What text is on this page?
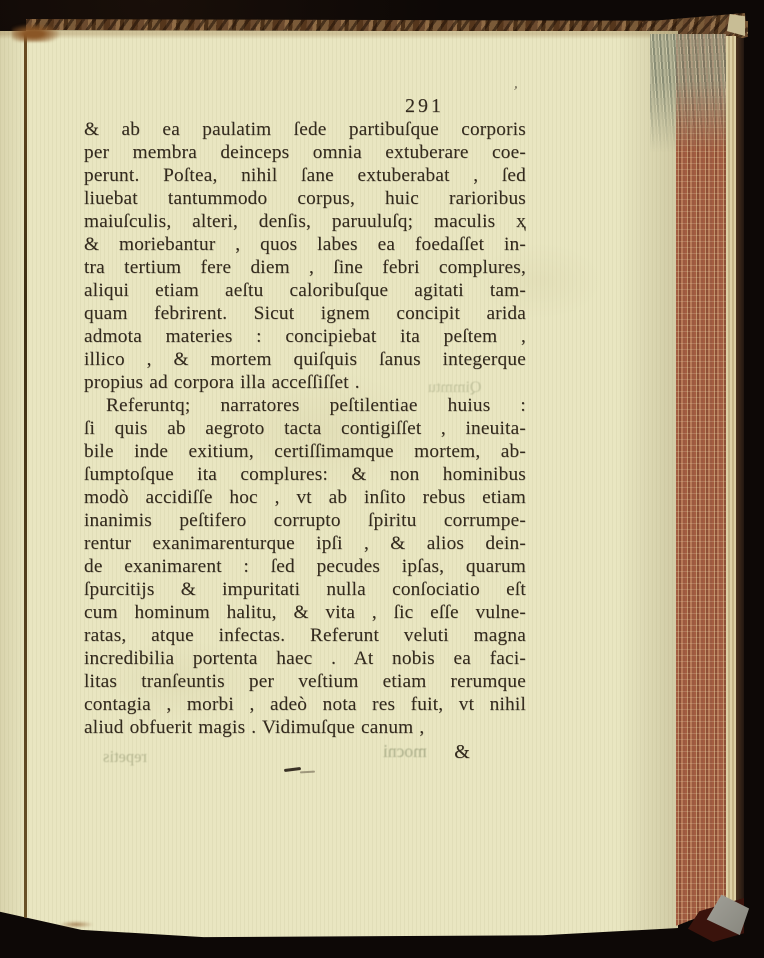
291
’
& ab ea paulatim ſede partibuſque corporis
per membra deinceps omnia extuberare coe-
perunt. Poſtea, nihil ſane extuberabat , ſed
liuebat tantummodo corpus, huic rarioribus
maiuſculis, alteri, denſis, paruuluſq; maculis ҳ
& moriebantur , quos labes ea foedaſſet in-
tra tertium fere diem , ſine febri complures,
aliqui etiam aeſtu caloribuſque agitati tam-
quam febrirent. Sicut ignem concipit arida
admota materies : concipiebat ita peſtem ,
illico , & mortem quiſquis ſanus integerque
propius ad corpora illa acceſſiſſet .
Referuntq; narratores peſtilentiae huius :
ſi quis ab aegroto tacta contigiſſet , ineuita-
bile inde exitium, certiſſimamque mortem, ab-
ſumptoſque ita complures: & non hominibus
modò accidiſſe hoc , vt ab inſito rebus etiam
inanimis peſtifero corrupto ſpiritu corrumpe-
rentur exanimarenturque ipſi , & alios dein-
de exanimarent : ſed pecudes ipſas, quarum
ſpurcitijs & impuritati nulla conſociatio eſt
cum hominum halitu, & vita , ſic eſſe vulne-
ratas, atque infectas. Referunt veluti magna
incredibilia portenta haec . At nobis ea faci-
litas tranſeuntis per veſtium etiam rerumque
contagia , morbi , adeò nota res fuit, vt nihil
aliud obfuerit magis . Vidimuſque canum ,
&
repetis	mocni
Qimmtu
